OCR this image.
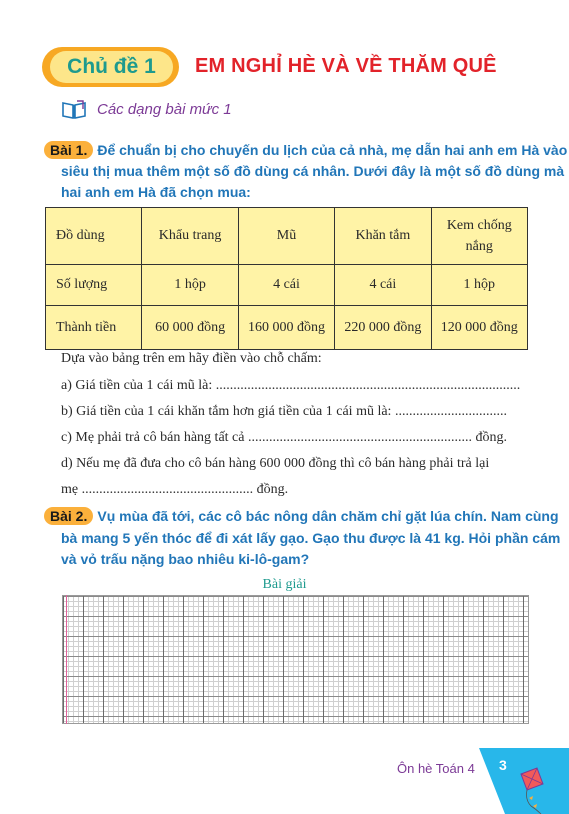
Chủ đề 1 EM NGHỈ HÈ VÀ VỀ THĂM QUÊ
Các dạng bài mức 1
Bài 1. Để chuẩn bị cho chuyến du lịch của cả nhà, mẹ dẫn hai anh em Hà vào
siêu thị mua thêm một số đồ dùng cá nhân. Dưới đây là một số đồ dùng mà
hai anh em Hà đã chọn mua:
Đồ dùng	Khẩu trang	Mũ	Khăn tắm	Kem chống nắng
Số lượng	1 hộp	4 cái	4 cái	1 hộp
Thành tiền	60 000 đồng	160 000 đồng	220 000 đồng	120 000 đồng
Dựa vào bảng trên em hãy điền vào chỗ chấm:
a) Giá tiền của 1 cái mũ là: .......................................................................................
b) Giá tiền của 1 cái khăn tắm hơn giá tiền của 1 cái mũ là: ................................
c) Mẹ phải trả cô bán hàng tất cả ................................................................ đồng.
d) Nếu mẹ đã đưa cho cô bán hàng 600 000 đồng thì cô bán hàng phải trả lại
mẹ ................................................. đồng.
Bài 2. Vụ mùa đã tới, các cô bác nông dân chăm chỉ gặt lúa chín. Nam cùng
bà mang 5 yến thóc để đi xát lấy gạo. Gạo thu được là 41 kg. Hỏi phần cám
và vỏ trấu nặng bao nhiêu ki-lô-gam?
Bài giải
Ôn hè Toán 4 3
